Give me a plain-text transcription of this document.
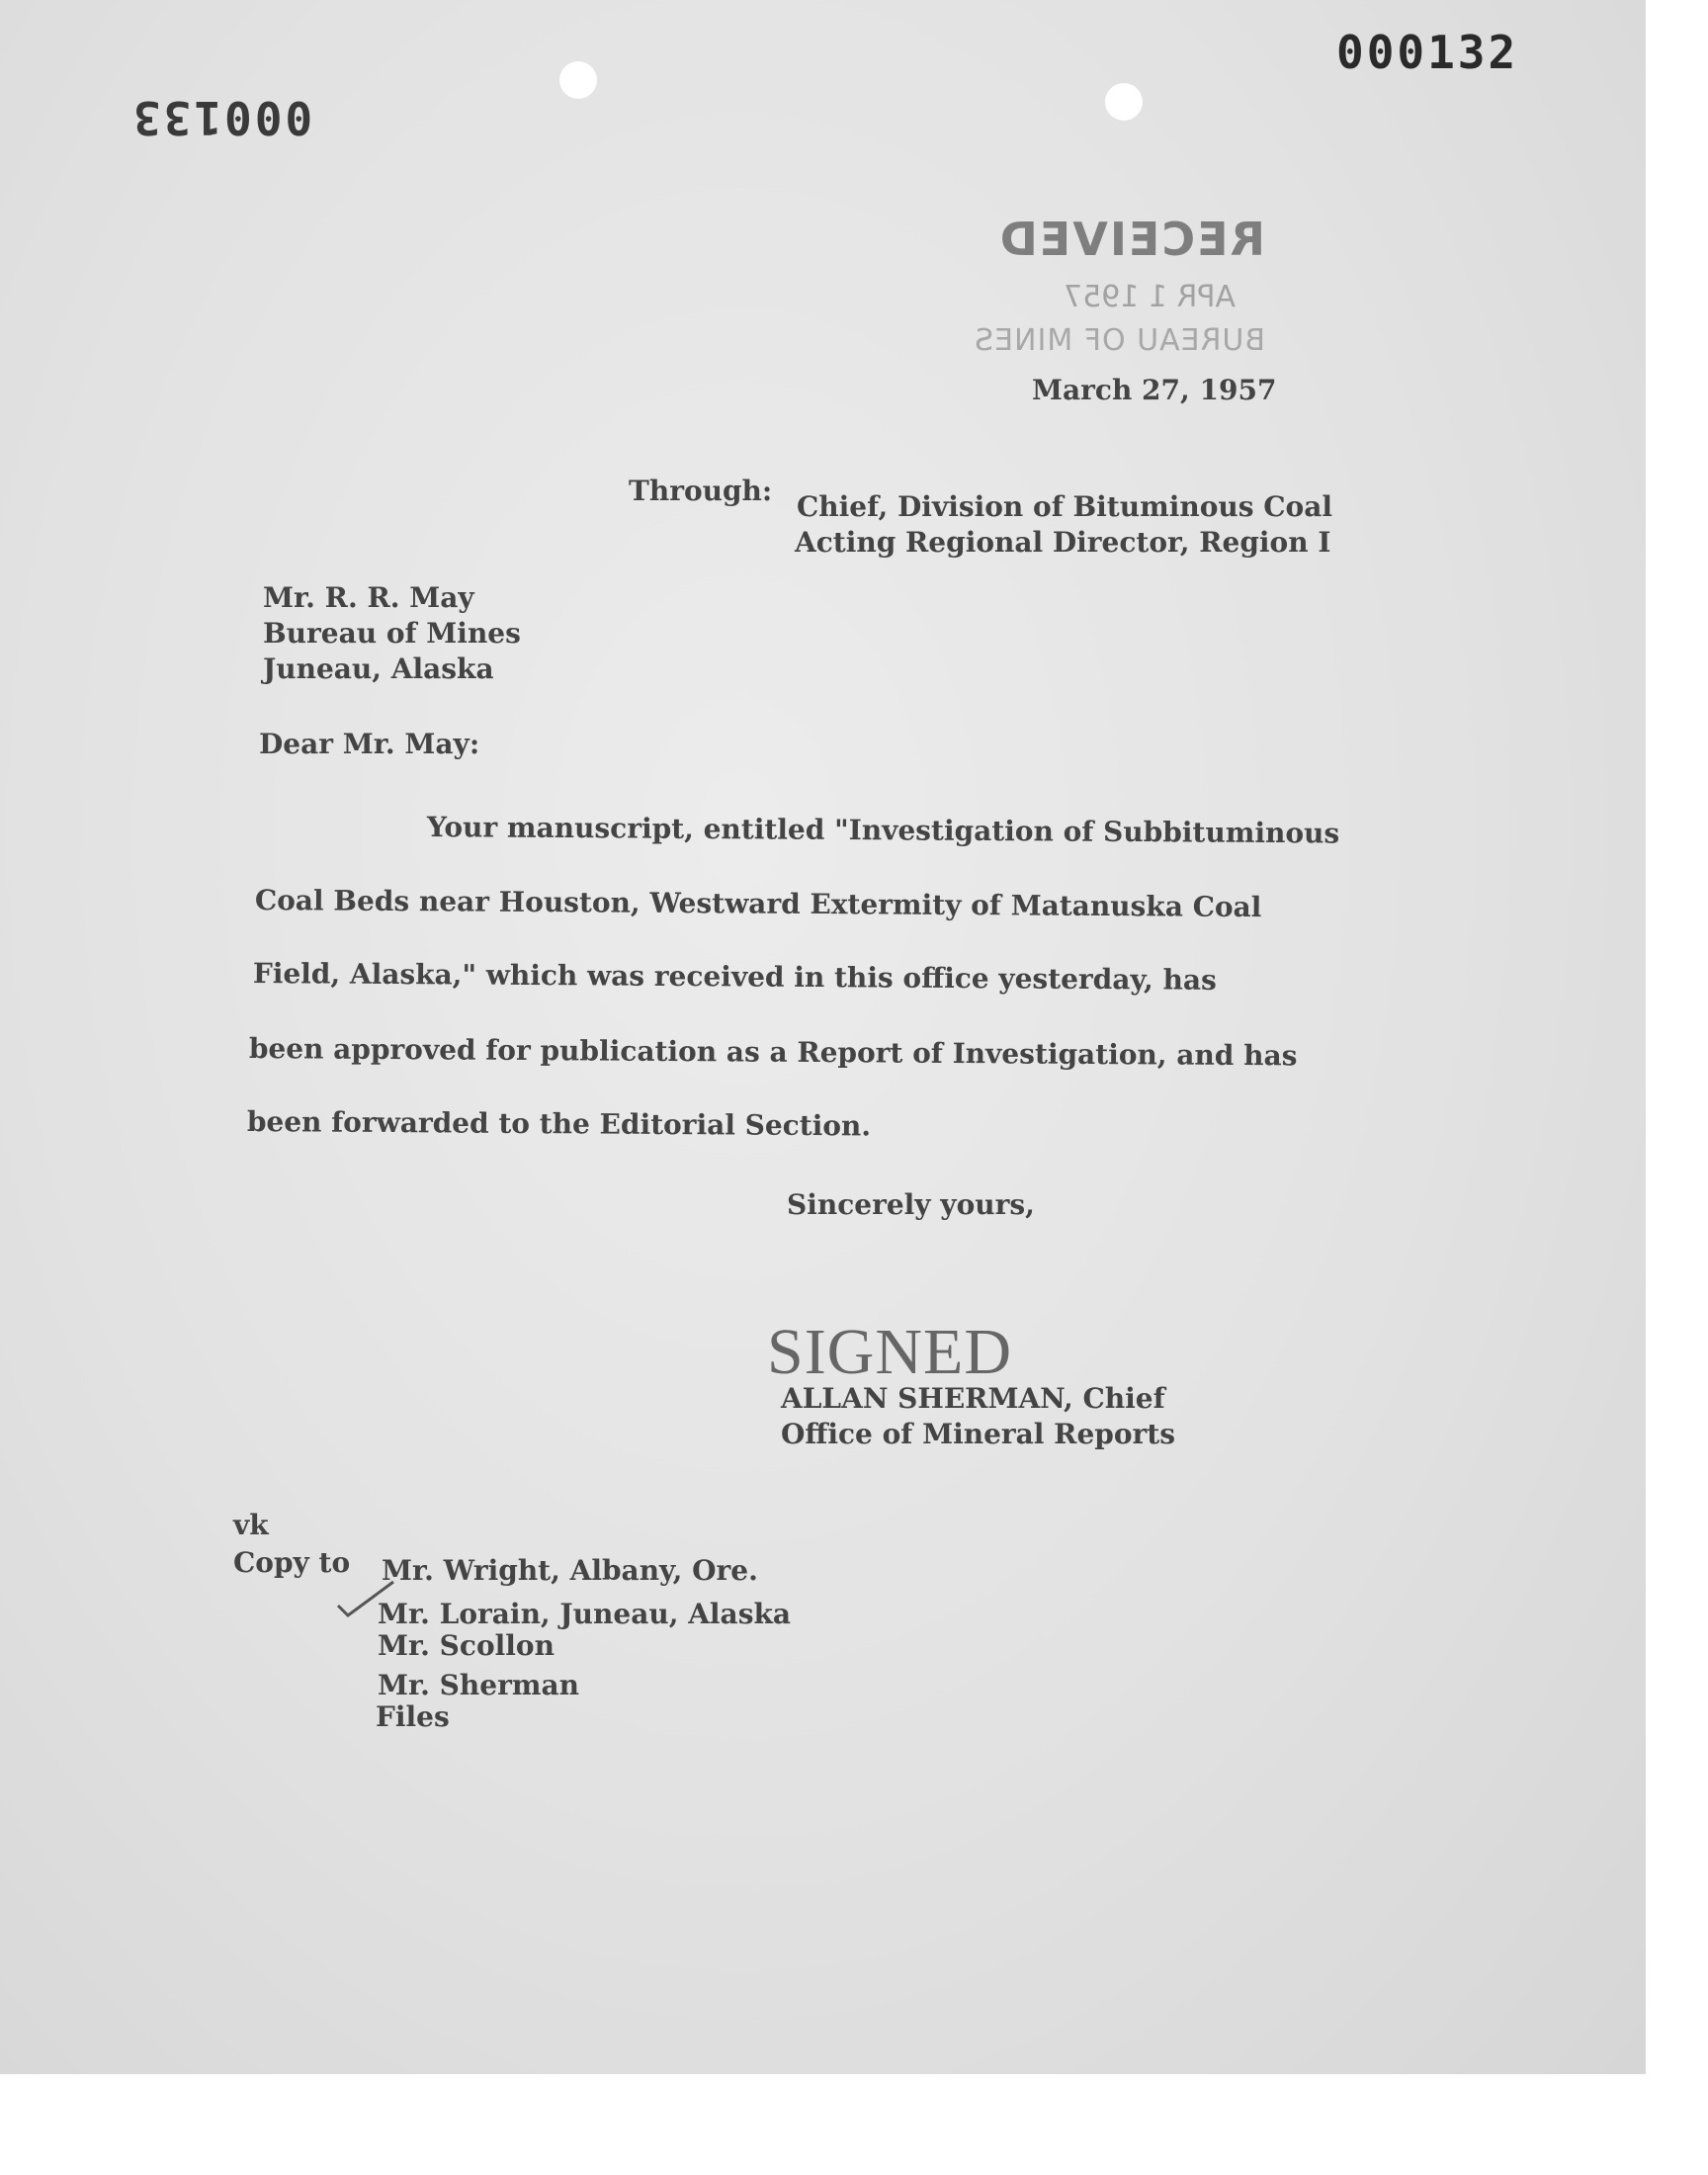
000132
000133
RECEIVED
APR 1 1957
BUREAU OF MINES
March 27, 1957
Through: Chief, Division of Bituminous Coal
Acting Regional Director, Region I
Mr. R. R. May
Bureau of Mines
Juneau, Alaska
Dear Mr. May:
Your manuscript, entitled "Investigation of Subbituminous
Coal Beds near Houston, Westward Extermity of Matanuska Coal
Field, Alaska," which was received in this office yesterday, has
been approved for publication as a Report of Investigation, and has
been forwarded to the Editorial Section.
Sincerely yours,
SIGNED
ALLAN SHERMAN, Chief
Office of Mineral Reports
vk
Copy to Mr. Wright, Albany, Ore.
Mr. Lorain, Juneau, Alaska
Mr. Scollon
Mr. Sherman
Files
